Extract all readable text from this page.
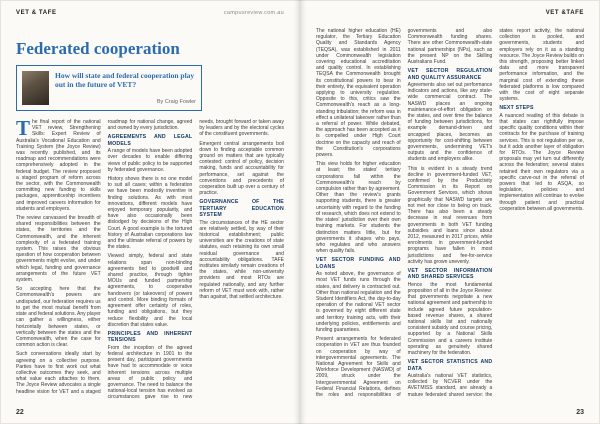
VET & TAFE	campusreview.com.au
Federated cooperation
How will state and federal cooperation play out in the future of VET?
By Craig Fowler

The final report of the national VET review, Strengthening Skills: Expert Review of Australia's Vocational Education and Training System (the Joyce Review) was recently published, and its roadmap and recommendations were comprehensively adopted in the federal budget. The review proposed a staged program of reform across the sector, with the Commonwealth committing new funding to skills packages, apprenticeship incentives and improved careers information for students and employers.

The review canvassed the breadth of shared responsibilities between the states, the territories and the Commonwealth, and the inherent complexity of a federated training system. This raises the obvious question of how cooperation between governments might evolve, and under which legal, funding and governance arrangements of the future VET system.

So accepting here that the Commonwealth's powers are undisputed, our federation requires us to get the most mutual benefit from state and federal solutions. Any player can gather a willingness, either horizontally between states, or vertically between the states and the Commonwealth, when the case for common action is clear.

Such conversations ideally start by agreeing on a collective purpose. Parties have to first work out what collective outcomes they seek, and what value each attaches to them. The Joyce Review advocates a single headline vision for VET and a staged roadmap for national change, agreed and owned by every jurisdiction.

AGREEMENTS AND LEGAL MODELS

A range of models have been adopted over decades to enable differing views of public policy to be supported by federated governance.

History shows there is no one model to suit all cases; within a federation we have been modestly inventive in finding solutions. As with most innovations, different models have enjoyed temporary popularity, and have also occasionally been dislodged by decisions of the High Court. A good example is the tortured history of Australian corporations law and the ultimate referral of powers by the states.

Viewed simply, federal and state relations span non-binding agreements tied to goodwill and shared practice, through tighter MOUs and funded partnership agreements, to cooperative handovers (or takeovers) of powers and control. More binding formats of agreement offer certainty of roles, funding and obligations, but they reduce flexibility and the local discretion that states value.

PRINCIPLES AND INHERENT TENSIONS

From the inception of the agreed federal architecture in 1901 to the present day, participant governments have had to accommodate or voice inherent tensions across multiple areas of public policy and governance. The need to balance the national-local tension has evolved as circumstances gave rise to new needs, brought forward or taken away by leaders and by the electoral cycles of the constituent governments.

Emergent central arrangements boil down to finding acceptable common ground on matters that are typically contested: control of policy, decision making, funds and accountability for performance, set against the conventions and precedents of cooperation built up over a century of practice.

GOVERNANCE OF THE TERTIARY EDUCATION SYSTEM

The circumstances of the HE sector are relatively settled, by way of their historical establishment; public universities are the creations of state statutes, each retaining its own small residual governance and accountability obligations. TAFE institutes similarly remain creations of the states, while non-university providers and most RTOs are regulated nationally, and any further reform of VET must work with, rather than against, that settled architecture.

22
VET &TAFE

The national higher education (HE) regulator, the Tertiary Education Quality and Standards Agency (TEQSA), was established in 2011 under Commonwealth legislation covering educational accreditation and quality control. In establishing TEQSA the Commonwealth brought its constitutional powers to bear in their entirety, the equivalent operation applying to university regulation. Opposite to this, critics saw the Commonwealth's reach as a long-standing tribulation; the reform was in effect a unilateral takeover rather than a referral of power. While debated, the approach has been accepted as it is compelled under High Court doctrine on the capacity and reach of the Constitution's corporations powers.

This view holds for higher education at least; the states' tertiary corporations fall within the Commonwealth's reach by compulsion rather than by agreement. Other than the review's grants supporting students, there is greater uncertainty with regard to the funding of research, which does not extend to the states' jurisdiction over their own training markets. For students the distinction matters little, but for governments it shapes who pays, who regulates and who answers when quality fails.

VET SECTOR FUNDING AND LOANS

As noted above, the governance of most VET funds runs through the states, and delivery is contracted out. Other than national regulation and the Student Identifiers Act, the day-to-day operation of the national VET sector is governed by eight different state and territory training acts, with their underlying policies, entitlements and funding guarantees.

Present arrangements for federated cooperation in VET are thus founded on cooperation by way of intergovernmental agreements. The National Agreement for Skills and Workforce Development (NASWD) of 2009, struck under the Intergovernmental Agreement on Federal Financial Relations, defines the roles and responsibilities of governments and also Commonwealth funding shares. There are other Commonwealth-state national partnerships (NPs), such as the present NP on the Skilling Australians Fund.

VET SECTOR REGULATION AND QUALITY ASSURANCE

Agreements also set out performance indicators and actions, like any state-wide commercial contract. The NASWD places an ongoing maintenance-of-effort obligation on the states, and over time the balance of funding between jurisdictions, for example demand-driven and uncapped places, becomes an opportunity for cost-shifting between governments, undermining VET's outputs and the confidence of students and employers alike.

This is evident in a steady trend decline in government-funded VET, confirmed by the Productivity Commission in its Report on Government Services, which shows graphically that NASWD targets are not met nor close to being on track. There has also been a steady decrease in real revenues from governments in both VET funding subsidies and loans since about 2012, measured in 2017 prices, while enrolments in government-funded programs have fallen in most jurisdictions and fee-for-service activity has grown unevenly.

VET SECTOR INFORMATION AND SHARED SERVICES

Hence the most fundamental proposition of all in the Joyce Review: that governments negotiate a new national agreement and partnership to include agreed future population-based revenue shares, a shared national skills list and nationally consistent subsidy and course pricing, supported by a National Skills Commission and a careers institute operating as genuinely shared machinery for the federation.

VET SECTOR STATISTICS AND DATA

Australia's national VET statistics, collected by NCVER under the AVETMISS standard, are already a mature federated shared service: the states report activity, the national collection is pooled, and governments, students and employers rely on it as a standing resource. The Joyce Review builds on this strength, proposing better linked data and more transparent performance information, and the marginal cost of extending these federated platforms is low compared with the cost of eight separate systems.

NEXT STEPS

A nuanced reading of this debate is that states can rightfully impose specific quality conditions within their contracts for the purchase of training services. This is not regulation per se, but it adds another layer of obligation for RTOs. The Joyce Review proposals may yet turn out differently across the federation; several states retained their own regulators via a specific carve-out in the referral of powers that led to ASQA, so legislation, policies and implementation will continue to evolve through patient and practical cooperation between all governments.

23
